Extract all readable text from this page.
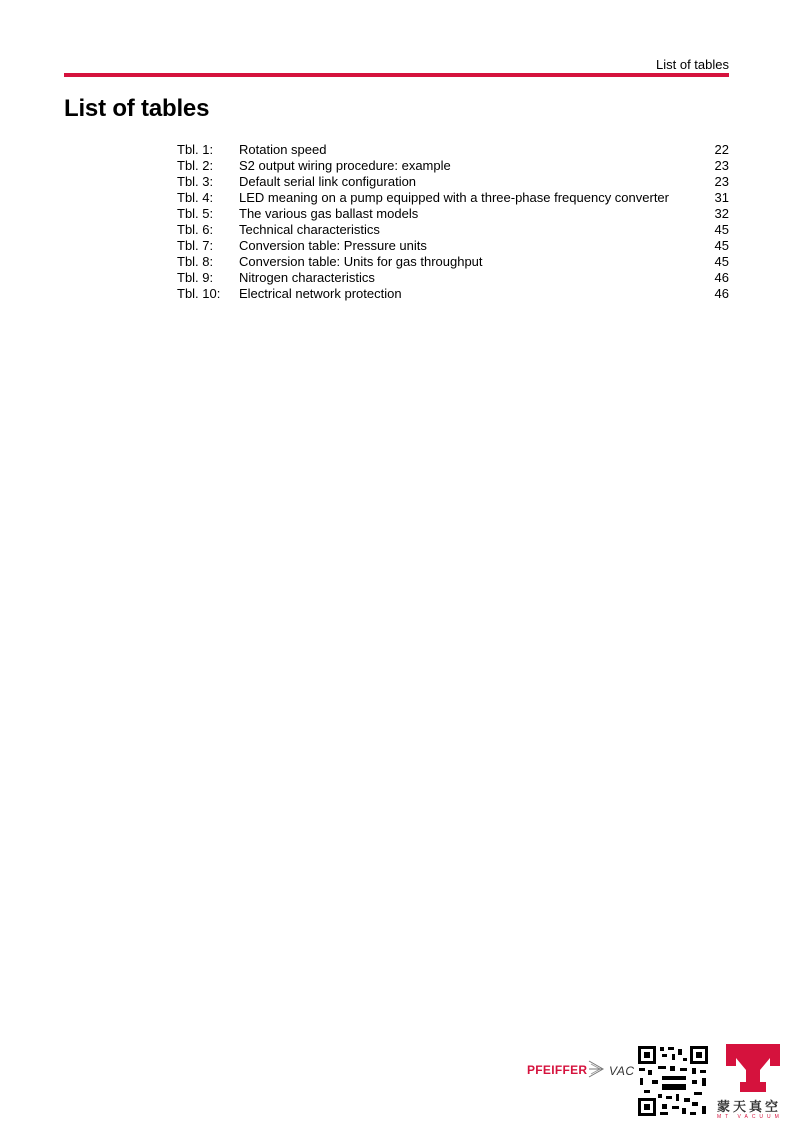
List of tables
List of tables
Tbl. 1:	Rotation speed	22
Tbl. 2:	S2 output wiring procedure: example	23
Tbl. 3:	Default serial link configuration	23
Tbl. 4:	LED meaning on a pump equipped with a three-phase frequency converter	31
Tbl. 5:	The various gas ballast models	32
Tbl. 6:	Technical characteristics	45
Tbl. 7:	Conversion table: Pressure units	45
Tbl. 8:	Conversion table: Units for gas throughput	45
Tbl. 9:	Nitrogen characteristics	46
Tbl. 10:	Electrical network protection	46
PFEIFFER VAC
蒙天真空
MT VACUUM
